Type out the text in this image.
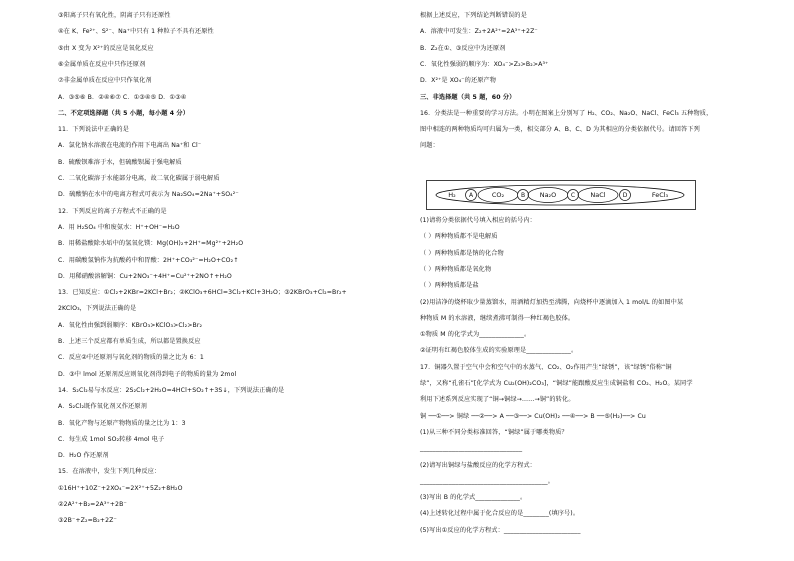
③阳离子只有氧化性，阴离子只有还原性
④在 K、Fe²⁺、S²⁻、Na⁺中只有 1 种粒子不具有还原性
⑤由 X 变为 X²⁺的反应是氧化反应
⑥金属单质在反应中只作还原剂
⑦非金属单质在反应中只作氧化剂
A．③⑤⑥ B．②④⑥⑦ C．①③④⑤ D．①③④
二、不定项选择题（共 5 小题，每小题 4 分）
11．下列说法中正确的是
A．氯化钠水溶液在电流的作用下电离出 Na⁺和 Cl⁻
B．硫酸钡难溶于水，但硫酸钡属于强电解质
C．二氧化碳溶于水能部分电离，故二氧化碳属于弱电解质
D．硫酸钠在水中的电离方程式可表示为 Na₂SO₄=2Na⁺+SO₄²⁻
12．下列反应的离子方程式不正确的是
A．用 H₂SO₄ 中和废氨水：H⁺+OH⁻=H₂O
B．用稀盐酸除水垢中的氢氧化镁：Mg(OH)₂+2H⁺=Mg²⁺+2H₂O
C．用碳酸氢钠作为抗酸药中和胃酸：2H⁺+CO₃²⁻=H₂O+CO₂↑
D．用稀硝酸溶解铜：Cu+2NO₃⁻+4H⁺=Cu²⁺+2NO↑+H₂O
13．已知反应：①Cl₂+2KBr=2KCl+Br₂；②KClO₃+6HCl=3Cl₂+KCl+3H₂O；③2KBrO₃+Cl₂=Br₂+
2KClO₃，下列说法正确的是
A．氧化性由强到弱顺序：KBrO₃>KClO₃>Cl₂>Br₂
B．上述三个反应都有单质生成，所以都是置换反应
C．反应②中还原剂与氧化剂的物质的量之比为 6：1
D．③中 lmol 还原剂反应则氧化剂得到电子的物质的量为 2mol
14．S₂Cl₂易与水反应：2S₂Cl₂+2H₂O=4HCl+SO₂↑+3S↓，下列说法正确的是
A．S₂Cl₂既作氧化剂又作还原剂
B．氧化产物与还原产物物质的量之比为 1：3
C．每生成 1mol SO₂转移 4mol 电子
D．H₂O 作还原剂
15．在溶液中，发生下列几种反应：
①16H⁺+10Z⁻+2XO₄⁻=2X²⁺+5Z₂+8H₂O
②2A²⁺+B₂=2A³⁺+2B⁻
③2B⁻+Z₂=B₂+2Z⁻
根据上述反应，下列结论判断错误的是
A．溶液中可发生：Z₂+2A²⁺=2A³⁺+2Z⁻
B．Z₂在①、③反应中为还原剂
C．氧化性强弱的顺序为：XO₄⁻>Z₂>B₂>A³⁺
D．X²⁺是 XO₄⁻的还原产物
三、非选择题（共 5 题，60 分）
16．分类法是一种重要的学习方法。小明在图案上分别写了 H₂、CO₂、Na₂O、NaCl、FeCl₃ 五种物质，
图中相连的两种物质均可归属为一类，相交部分 A、B、C、D 为其相应的分类依据代号。请回答下列
问题：
H₂ A	CO₂	B Na₂O C NaCl	D	FeCl₃
(1)请将分类依据代号填入相应的括号内：
（ ）两种物质都不是电解质
（ ）两种物质都是钠的化合物
（ ）两种物质都是氧化物
（ ）两种物质都是盐
(2)用洁净的烧杯取少量蒸馏水，用酒精灯加热至沸腾，向烧杯中逐滴加入 1 mol/L 的如图中某
种物质 M 的水溶液，继续煮沸可制得一种红褐色胶体。
①物质 M 的化学式为______________。
②证明有红褐色胶体生成的实验原理是______________。
17．铜器久置于空气中会和空气中的水蒸气、CO₂、O₂作用产生“绿锈”，该“绿锈”俗称“铜
绿”，又称“孔雀石”[化学式为 Cu₂(OH)₂CO₃]，“铜绿”能跟酸反应生成铜盐和 CO₂、H₂O。某同学
利用下述系列反应实现了“铜→铜绿→……→铜”的转化。
铜 ──①──> 铜绿 ──②──> A ──③──> Cu(OH)₂ ──④──> B ──⑤(H₂)──> Cu
(1)从三种不同分类标准回答，“铜绿”属于哪类物质？
________________________________
(2)请写出铜绿与盐酸反应的化学方程式：
________________________________________。
(3)写出 B 的化学式______________。
(4)上述转化过程中属于化合反应的是________(填序号)。
(5)写出①反应的化学方程式：________________________
